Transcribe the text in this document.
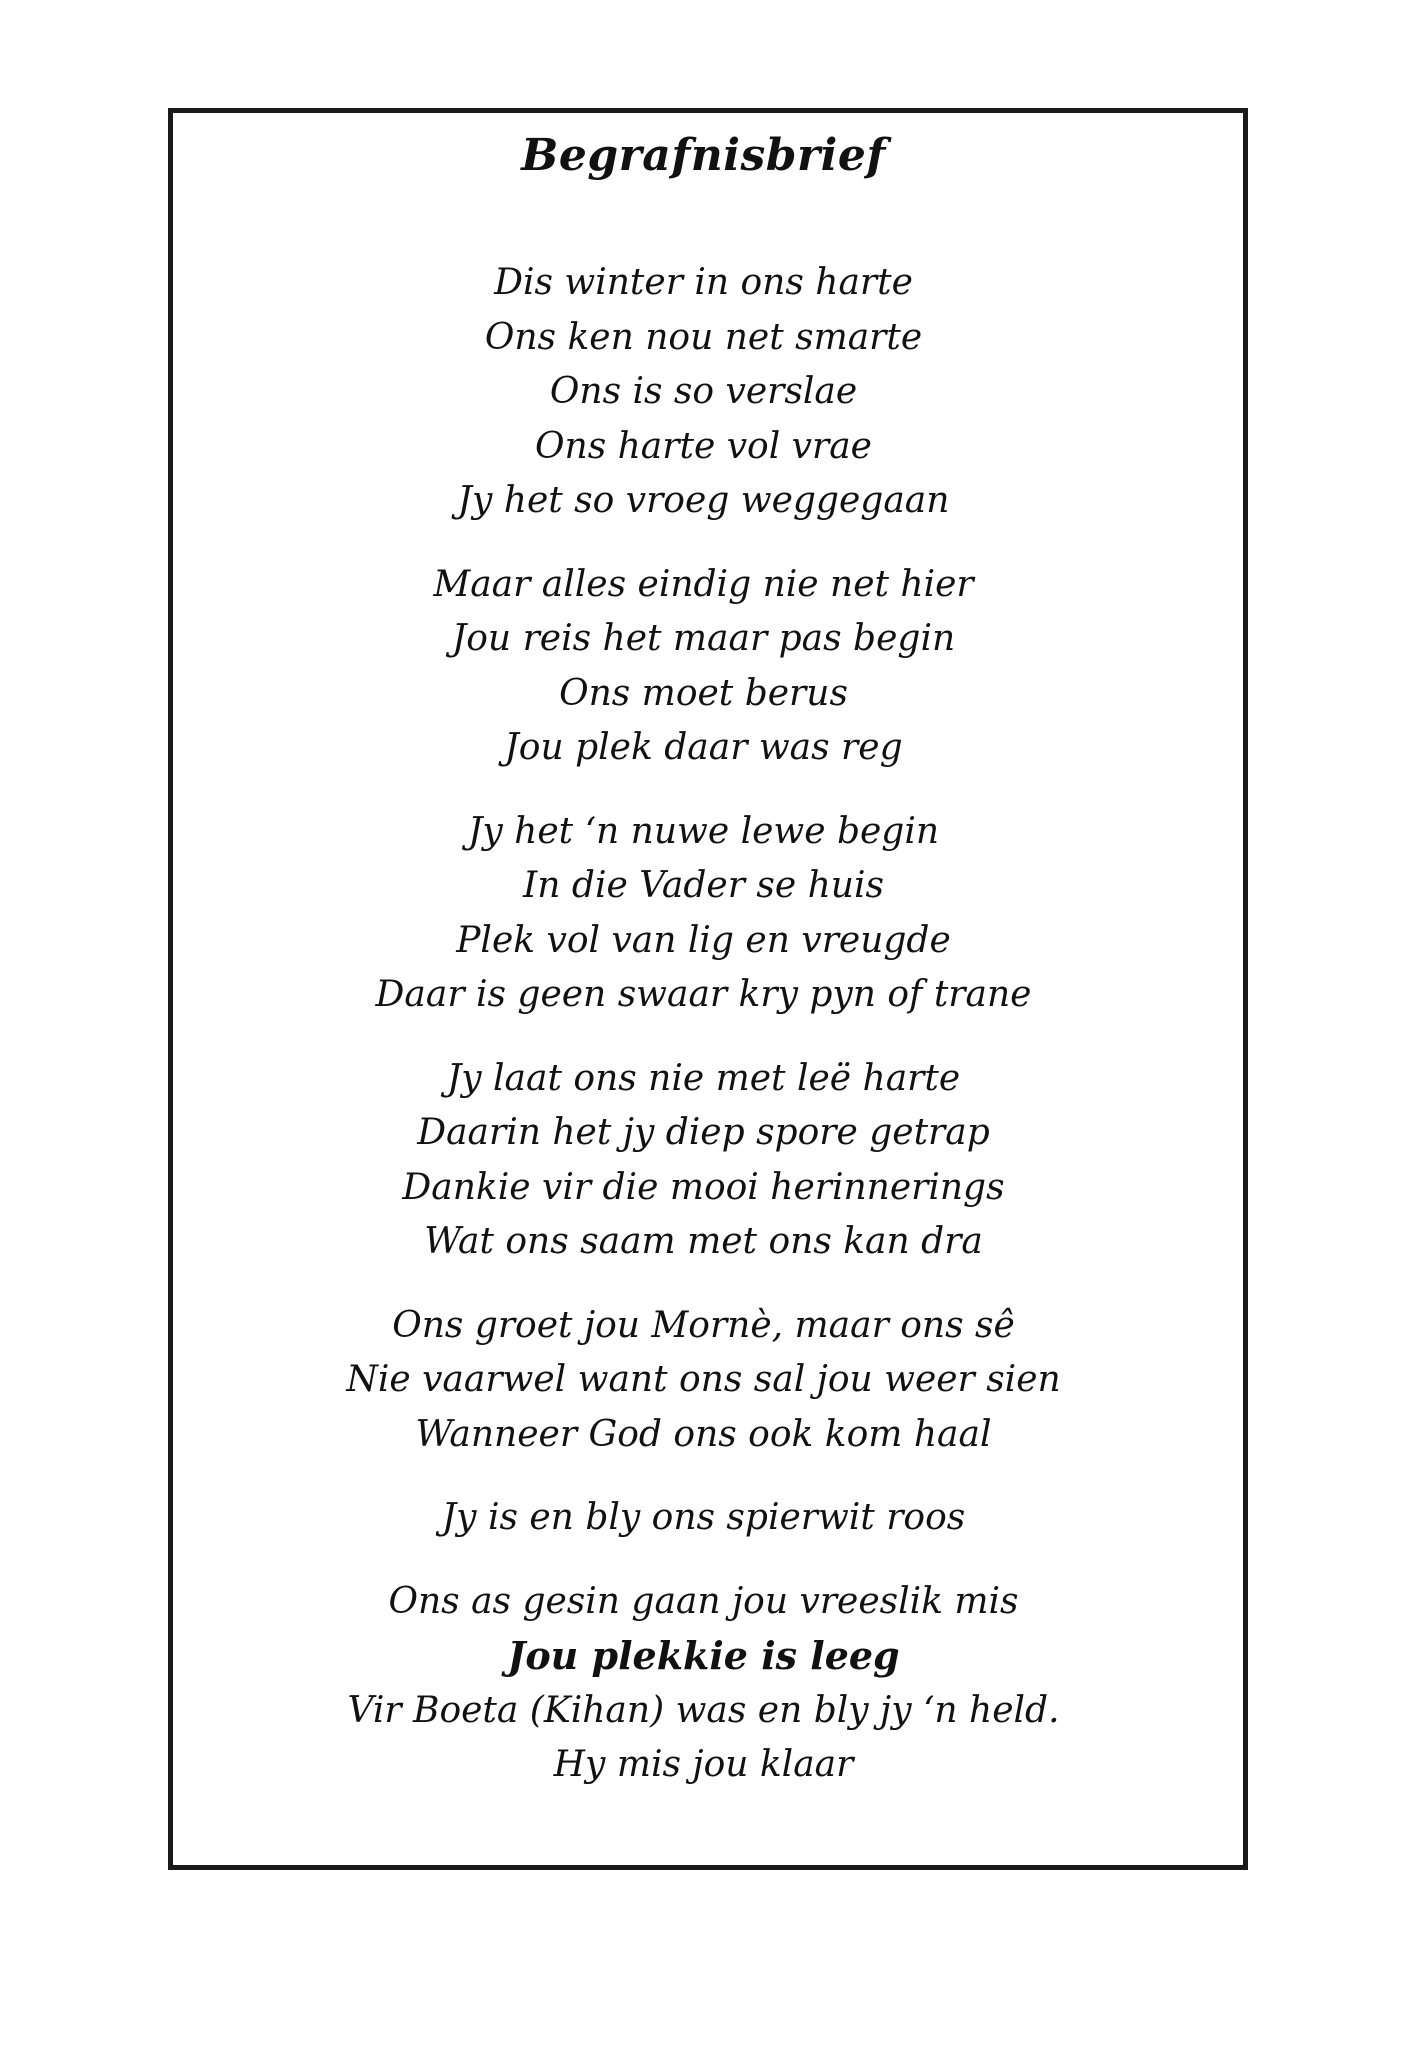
Begrafnisbrief
Dis winter in ons harte
Ons ken nou net smarte
Ons is so verslae
Ons harte vol vrae
Jy het so vroeg weggegaan
Maar alles eindig nie net hier
Jou reis het maar pas begin
Ons moet berus
Jou plek daar was reg
Jy het ‘n nuwe lewe begin
In die Vader se huis
Plek vol van lig en vreugde
Daar is geen swaar kry pyn of trane
Jy laat ons nie met leë harte
Daarin het jy diep spore getrap
Dankie vir die mooi herinnerings
Wat ons saam met ons kan dra
Ons groet jou Mornè, maar ons sê
Nie vaarwel want ons sal jou weer sien
Wanneer God ons ook kom haal
Jy is en bly ons spierwit roos
Ons as gesin gaan jou vreeslik mis
Jou plekkie is leeg
Vir Boeta (Kihan) was en bly jy ‘n held.
Hy mis jou klaar
